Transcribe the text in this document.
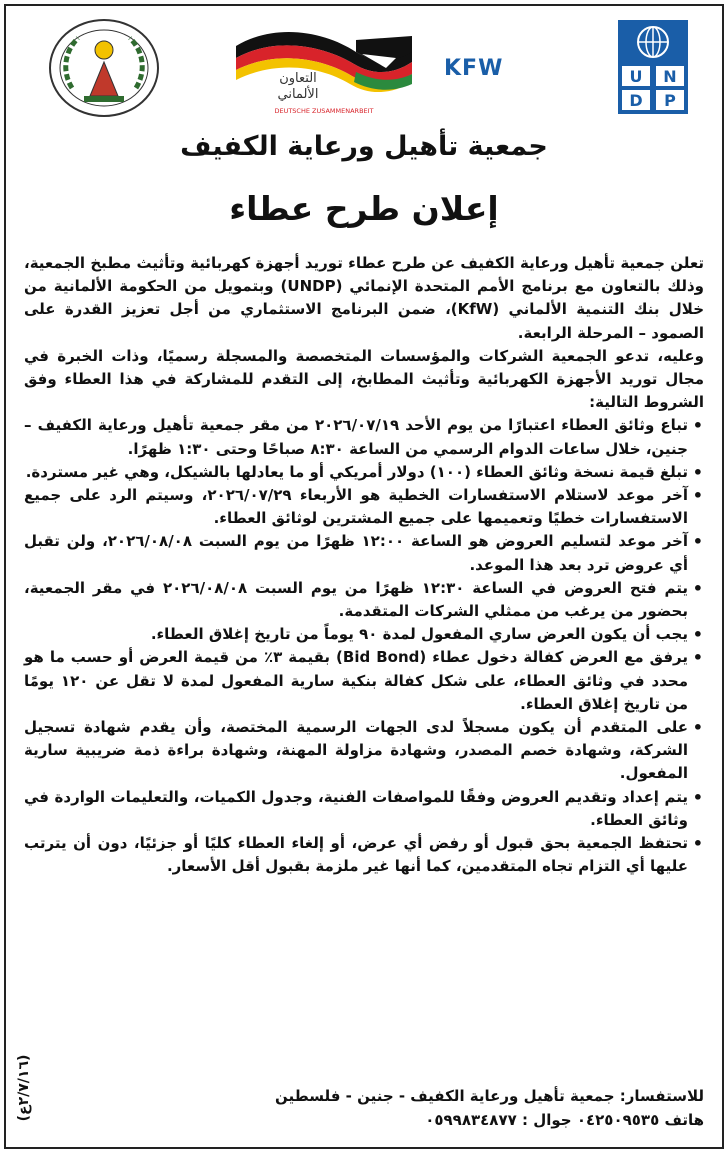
U N
D P
KFW
التعاون
الألماني
DEUTSCHE ZUSAMMENARBEIT
جمعية تأهيل ورعاية الكفيف
إعلان طرح عطاء

تعلن جمعية تأهيل ورعاية الكفيف عن طرح عطاء توريد أجهزة كهربائية وتأثيث مطبخ الجمعية، وذلك بالتعاون مع برنامج الأمم المتحدة الإنمائي (UNDP) وبتمويل من الحكومة الألمانية من خلال بنك التنمية الألماني (KfW)، ضمن البرنامج الاستثماري من أجل تعزيز القدرة على الصمود – المرحلة الرابعة.

وعليه، تدعو الجمعية الشركات والمؤسسات المتخصصة والمسجلة رسميًا، وذات الخبرة في مجال توريد الأجهزة الكهربائية وتأثيث المطابخ، إلى التقدم للمشاركة في هذا العطاء وفق الشروط التالية:

• تباع وثائق العطاء اعتبارًا من يوم الأحد ٢٠٢٦/٠٧/١٩ من مقر جمعية تأهيل ورعاية الكفيف – جنين، خلال ساعات الدوام الرسمي من الساعة ٨:٣٠ صباحًا وحتى ١:٣٠ ظهرًا.
• تبلغ قيمة نسخة وثائق العطاء (١٠٠) دولار أمريكي أو ما يعادلها بالشيكل، وهي غير مستردة.
• آخر موعد لاستلام الاستفسارات الخطية هو الأربعاء ٢٠٢٦/٠٧/٢٩، وسيتم الرد على جميع الاستفسارات خطيًا وتعميمها على جميع المشترين لوثائق العطاء.
• آخر موعد لتسليم العروض هو الساعة ١٢:٠٠ ظهرًا من يوم السبت ٢٠٢٦/٠٨/٠٨، ولن تقبل أي عروض ترد بعد هذا الموعد.
• يتم فتح العروض في الساعة ١٢:٣٠ ظهرًا من يوم السبت ٢٠٢٦/٠٨/٠٨ في مقر الجمعية، بحضور من يرغب من ممثلي الشركات المتقدمة.
• يجب أن يكون العرض ساري المفعول لمدة ٩٠ يوماً من تاريخ إغلاق العطاء.
• يرفق مع العرض كفالة دخول عطاء (Bid Bond) بقيمة ٣٪ من قيمة العرض أو حسب ما هو محدد في وثائق العطاء، على شكل كفالة بنكية سارية المفعول لمدة لا تقل عن ١٢٠ يومًا من تاريخ إغلاق العطاء.
• على المتقدم أن يكون مسجلاً لدى الجهات الرسمية المختصة، وأن يقدم شهادة تسجيل الشركة، وشهادة خصم المصدر، وشهادة مزاولة المهنة، وشهادة براءة ذمة ضريبية سارية المفعول.
• يتم إعداد وتقديم العروض وفقًا للمواصفات الفنية، وجدول الكميات، والتعليمات الواردة في وثائق العطاء.
• تحتفظ الجمعية بحق قبول أو رفض أي عرض، أو إلغاء العطاء كليًا أو جزئيًا، دون أن يترتب عليها أي التزام تجاه المتقدمين، كما أنها غير ملزمة بقبول أقل الأسعار.
للاستفسار: جمعية تأهيل ورعاية الكفيف - جنين - فلسطين
هاتف ٠٤٢٥٠٩٥٣٥ جوال : ٠٥٩٩٨٣٤٨٧٧
(٢/٧/١٦ع)
